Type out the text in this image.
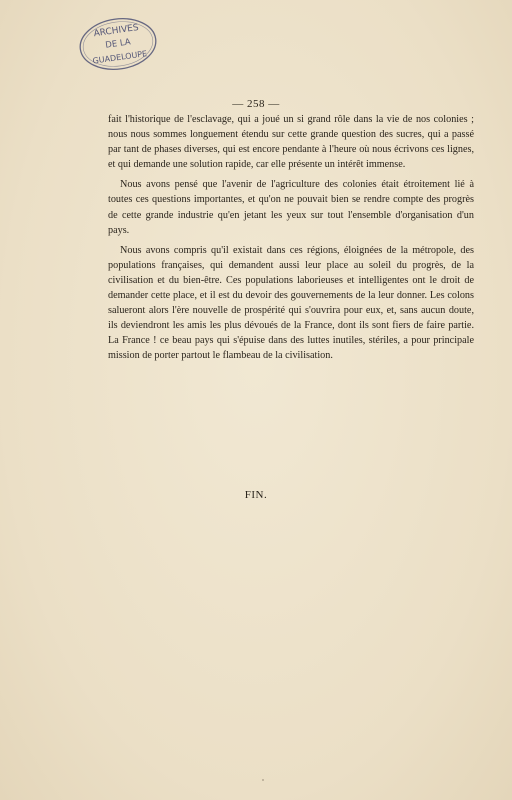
ARCHIVES
DE LA
GUADELOUPE
— 258 —

fait l'historique de l'esclavage, qui a joué un si grand rôle dans la vie de nos colonies ; nous nous sommes longuement étendu sur cette grande question des sucres, qui a passé par tant de phases diverses, qui est encore pendante à l'heure où nous écrivons ces lignes, et qui demande une solution rapide, car elle présente un intérêt immense.

Nous avons pensé que l'avenir de l'agriculture des colonies était étroitement lié à toutes ces questions importantes, et qu'on ne pouvait bien se rendre compte des progrès de cette grande industrie qu'en jetant les yeux sur tout l'ensemble d'organisation d'un pays.

Nous avons compris qu'il existait dans ces régions, éloignées de la métropole, des populations françaises, qui demandent aussi leur place au soleil du progrès, de la civilisation et du bien-être. Ces populations laborieuses et intelligentes ont le droit de demander cette place, et il est du devoir des gouvernements de la leur donner. Les colons salueront alors l'ère nouvelle de prospérité qui s'ouvrira pour eux, et, sans aucun doute, ils deviendront les amis les plus dévoués de la France, dont ils sont fiers de faire partie. La France ! ce beau pays qui s'épuise dans des luttes inutiles, stériles, a pour principale mission de porter partout le flambeau de la civilisation.

FIN.
